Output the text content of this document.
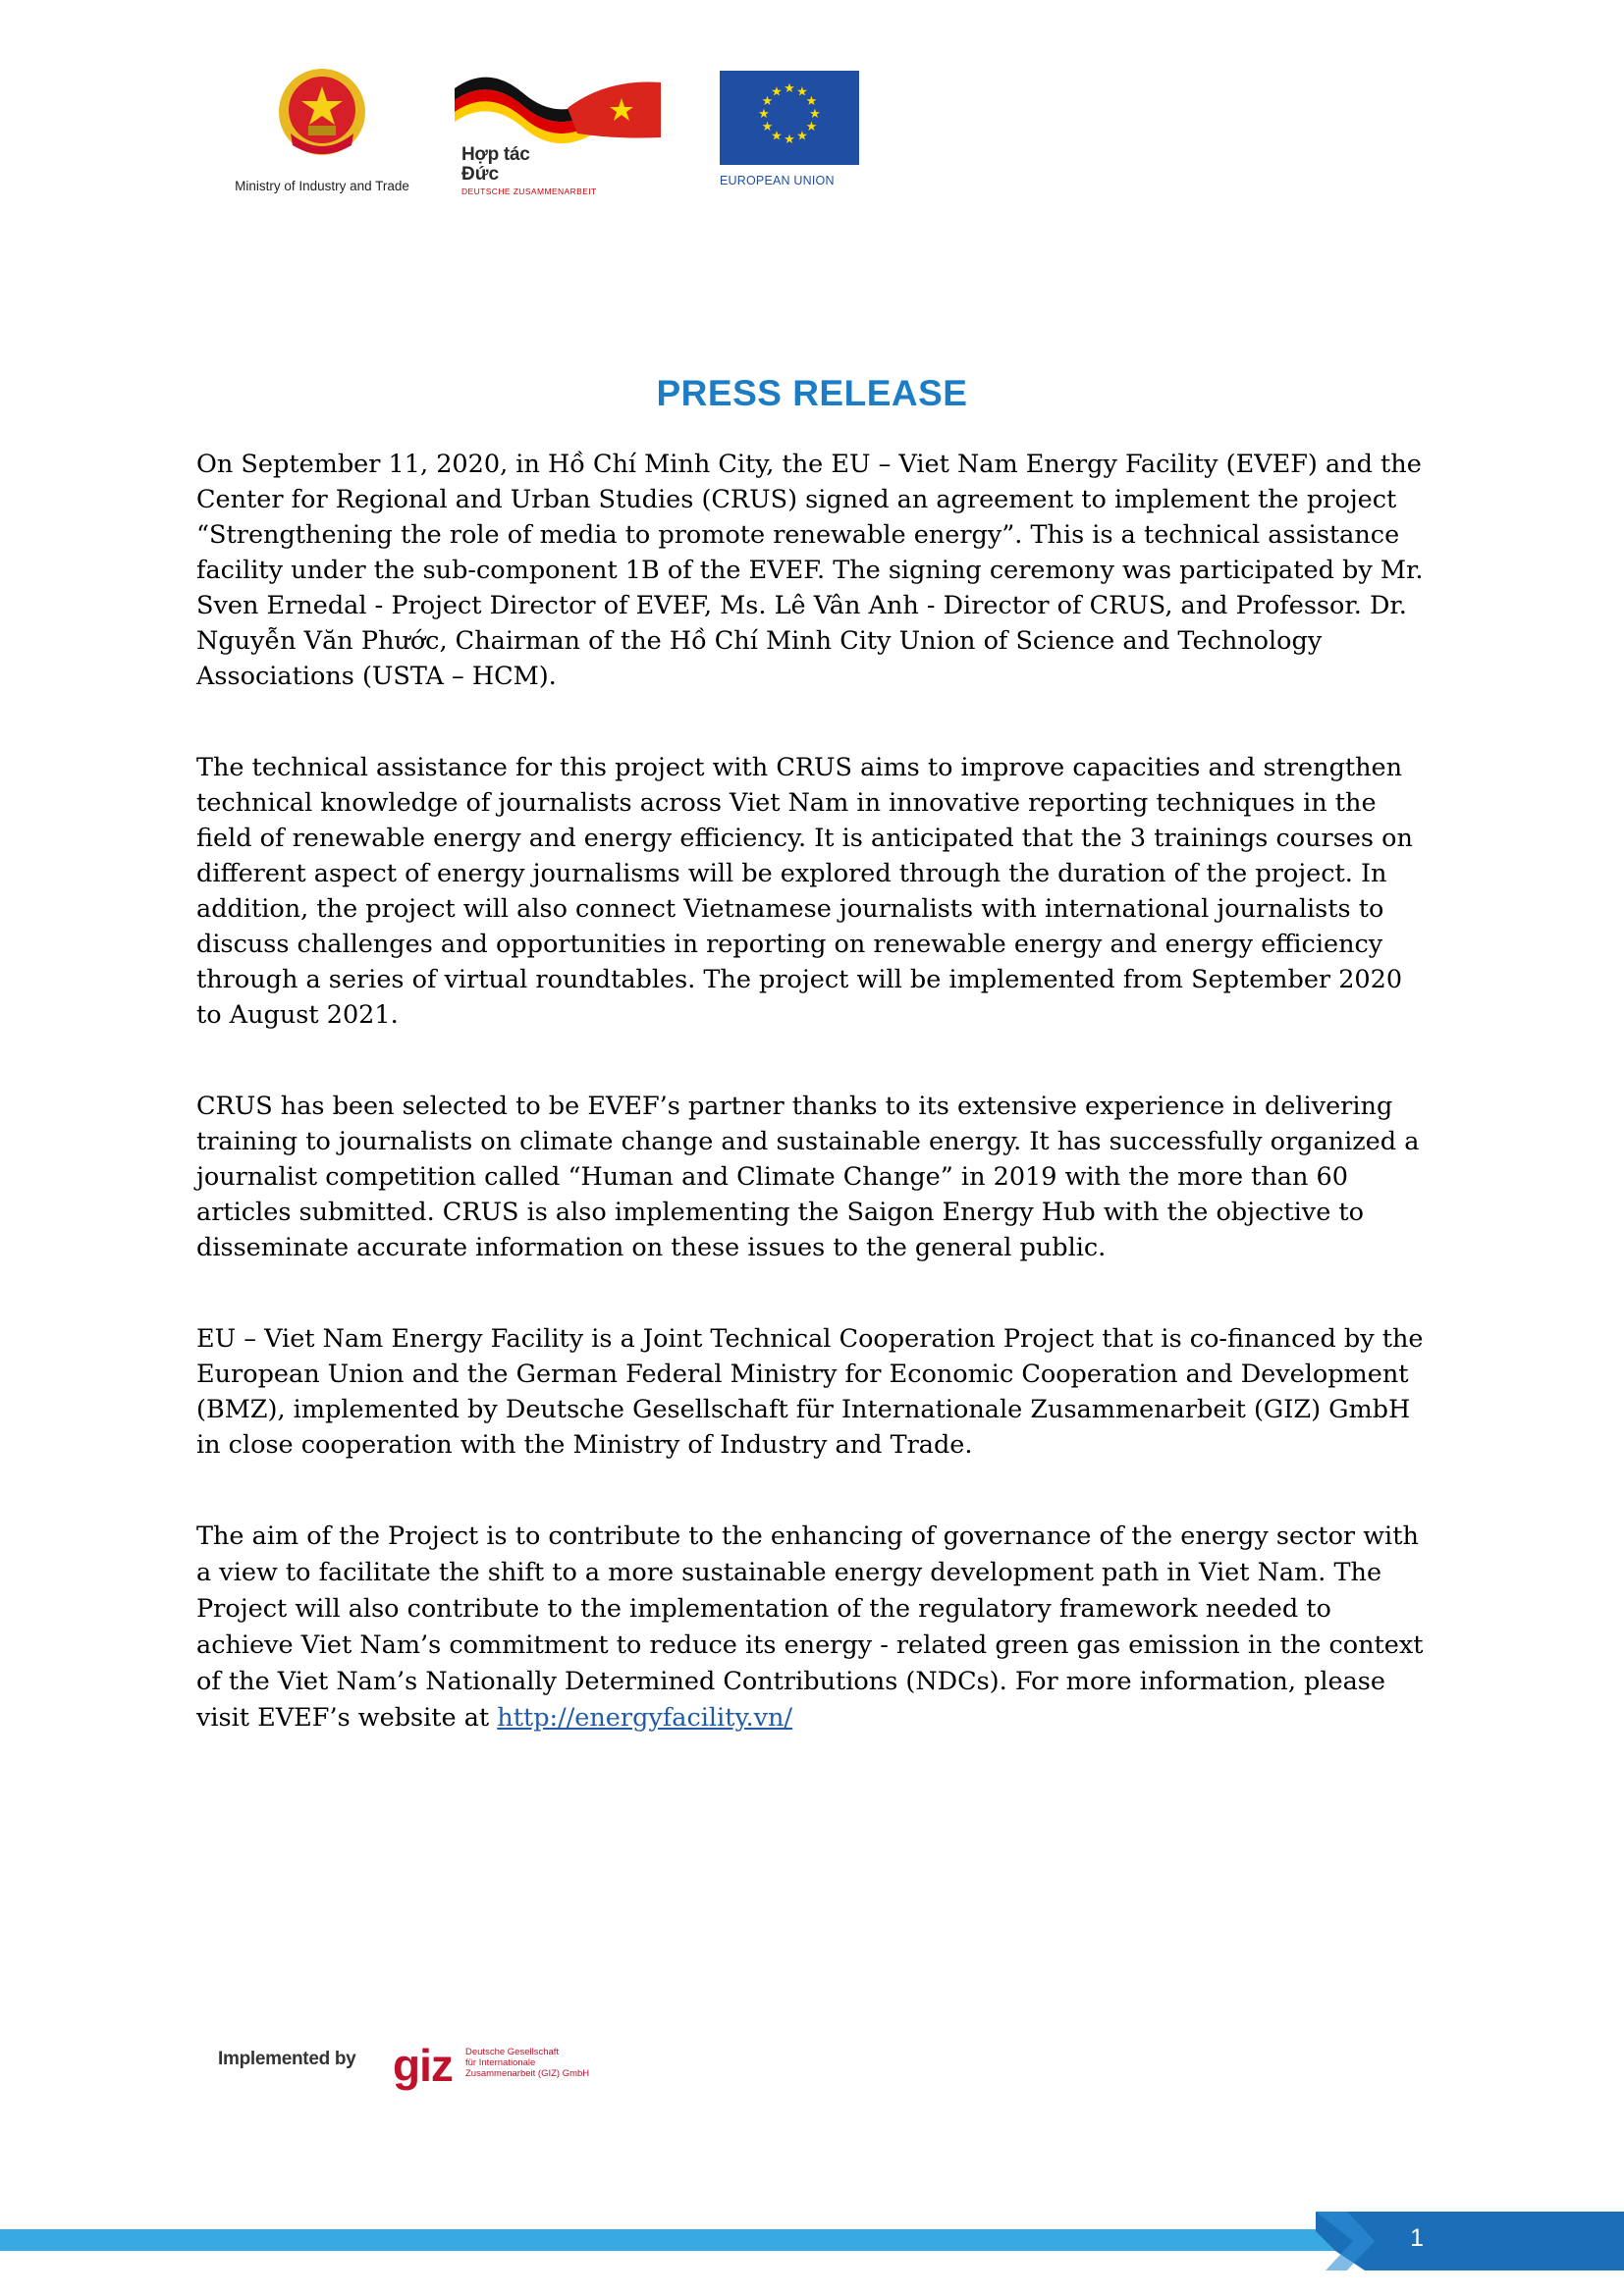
Ministry of Industry and Trade
Hợp tác
Đức
DEUTSCHE ZUSAMMENARBEIT
★ ★
★
★
★
★
★
★
★
★
★
★
EUROPEAN UNION
PRESS RELEASE

On September 11, 2020, in Hồ Chí Minh City, the EU – Viet Nam Energy Facility (EVEF) and the Center for Regional and Urban Studies (CRUS) signed an agreement to implement the project “Strengthening the role of media to promote renewable energy”. This is a technical assistance facility under the sub-component 1B of the EVEF. The signing ceremony was participated by Mr. Sven Ernedal - Project Director of EVEF, Ms. Lê Vân Anh - Director of CRUS, and Professor. Dr. Nguyễn Văn Phước, Chairman of the Hồ Chí Minh City Union of Science and Technology Associations (USTA – HCM).

The technical assistance for this project with CRUS aims to improve capacities and strengthen technical knowledge of journalists across Viet Nam in innovative reporting techniques in the field of renewable energy and energy efficiency. It is anticipated that the 3 trainings courses on different aspect of energy journalisms will be explored through the duration of the project. In addition, the project will also connect Vietnamese journalists with international journalists to discuss challenges and opportunities in reporting on renewable energy and energy efficiency through a series of virtual roundtables. The project will be implemented from September 2020 to August 2021.

CRUS has been selected to be EVEF’s partner thanks to its extensive experience in delivering training to journalists on climate change and sustainable energy. It has successfully organized a journalist competition called “Human and Climate Change” in 2019 with the more than 60 articles submitted. CRUS is also implementing the Saigon Energy Hub with the objective to disseminate accurate information on these issues to the general public.

EU – Viet Nam Energy Facility is a Joint Technical Cooperation Project that is co-financed by the European Union and the German Federal Ministry for Economic Cooperation and Development (BMZ), implemented by Deutsche Gesellschaft für Internationale Zusammenarbeit (GIZ) GmbH in close cooperation with the Ministry of Industry and Trade.

The aim of the Project is to contribute to the enhancing of governance of the energy sector with a view to facilitate the shift to a more sustainable energy development path in Viet Nam. The Project will also contribute to the implementation of the regulatory framework needed to achieve Viet Nam’s commitment to reduce its energy - related green gas emission in the context of the Viet Nam’s Nationally Determined Contributions (NDCs). For more information, please visit EVEF’s website at http://energyfacility.vn/

Implemented by giz Deutsche Gesellschaft
für Internationale
Zusammenarbeit (GIZ) GmbH
1
